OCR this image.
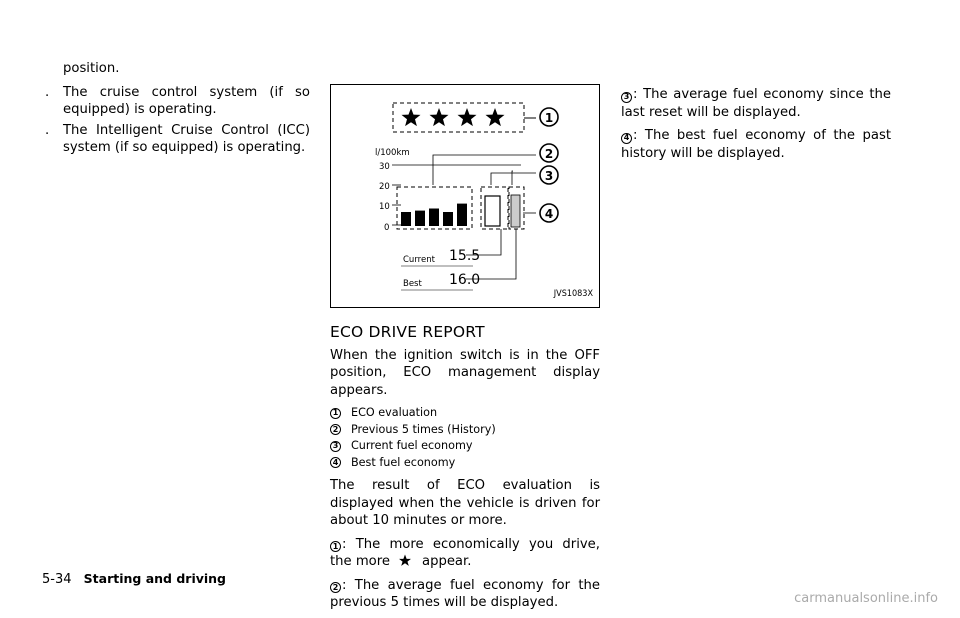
position.

. The cruise control system (if so equipped) is operating.
. The Intelligent Cruise Control (ICC) system (if so equipped) is operating.
1
2
3
4
l/100km
30
20
10
0
Current 15.5
Best 16.0
JVS1083X
ECO DRIVE REPORT

When the ignition switch is in the OFF position, ECO management display appears.

1 ECO evaluation
2 Previous 5 times (History)
3 Current fuel economy
4 Best fuel economy

The result of ECO evaluation is displayed when the vehicle is driven for about 10 minutes or more.

1 : The more economically you drive, the more appear.

2 : The average fuel economy for the previous 5 times will be displayed.

3 : The average fuel economy since the last reset will be displayed.

4 : The best fuel economy of the past history will be displayed.

5-34 Starting and driving
carmanualsonline.info
